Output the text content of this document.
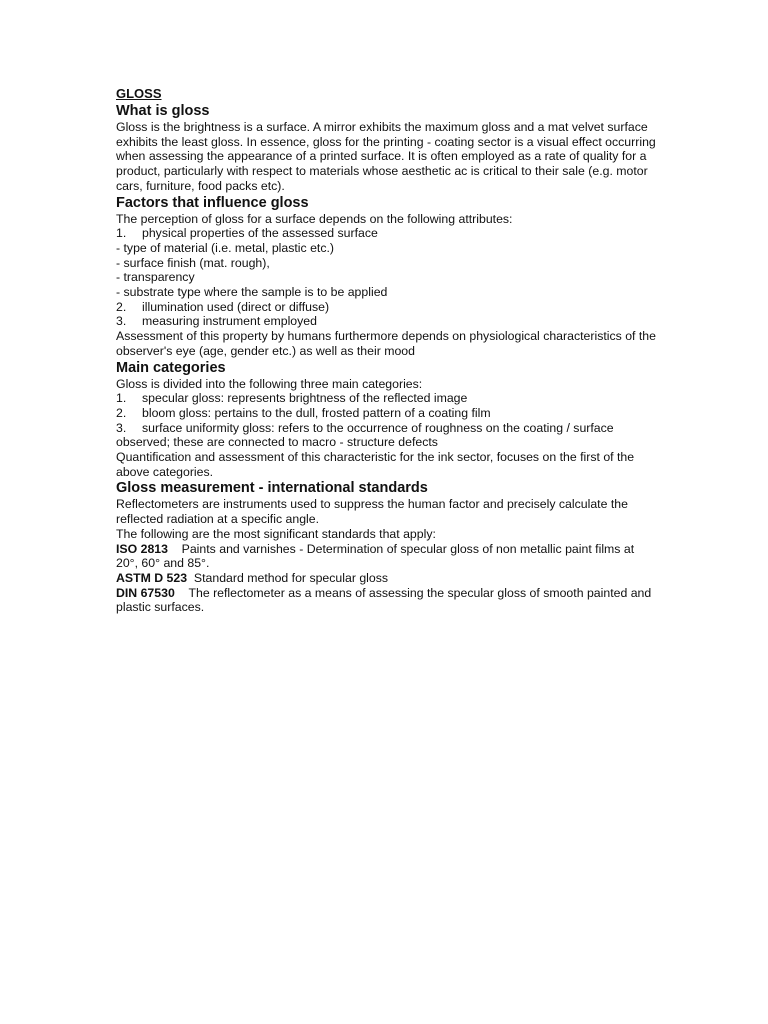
GLOSS

What is gloss

Gloss is the brightness is a surface. A mirror exhibits the maximum gloss and a mat velvet surface exhibits the least gloss. In essence, gloss for the printing - coating sector is a visual effect occurring when assessing the appearance of a printed surface. It is often employed as a rate of quality for a product, particularly with respect to materials whose aesthetic ac is critical to their sale (e.g. motor cars, furniture, food packs etc).

Factors that influence gloss

The perception of gloss for a surface depends on the following attributes:

1. physical properties of the assessed surface

- type of material (i.e. metal, plastic etc.)

- surface finish (mat. rough),

- transparency

- substrate type where the sample is to be applied

2. illumination used (direct or diffuse)

3. measuring instrument employed

Assessment of this property by humans furthermore depends on physiological characteristics of the observer's eye (age, gender etc.) as well as their mood

Main categories

Gloss is divided into the following three main categories:

1. specular gloss: represents brightness of the reflected image

2. bloom gloss: pertains to the dull, frosted pattern of a coating film

3. surface uniformity gloss: refers to the occurrence of roughness on the coating / surface observed; these are connected to macro - structure defects

Quantification and assessment of this characteristic for the ink sector, focuses on the first of the above categories.

Gloss measurement - international standards

Reflectometers are instruments used to suppress the human factor and precisely calculate the reflected radiation at a specific angle.

The following are the most significant standards that apply:

ISO 2813 Paints and varnishes - Determination of specular gloss of non metallic paint films at 20°, 60° and 85°.

ASTM D 523 Standard method for specular gloss

DIN 67530 The reflectometer as a means of assessing the specular gloss of smooth painted and plastic surfaces.
